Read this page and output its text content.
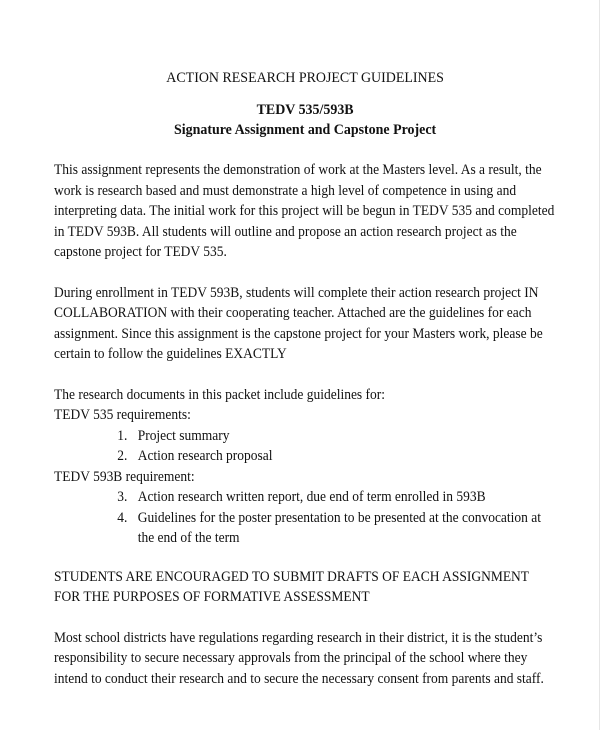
ACTION RESEARCH PROJECT GUIDELINES

TEDV 535/593B

Signature Assignment and Capstone Project

This assignment represents the demonstration of work at the Masters level. As a result, the work is research based and must demonstrate a high level of competence in using and interpreting data. The initial work for this project will be begun in TEDV 535 and completed in TEDV 593B. All students will outline and propose an action research project as the capstone project for TEDV 535.

During enrollment in TEDV 593B, students will complete their action research project IN COLLABORATION with their cooperating teacher. Attached are the guidelines for each assignment. Since this assignment is the capstone project for your Masters work, please be certain to follow the guidelines EXACTLY

The research documents in this packet include guidelines for:

TEDV 535 requirements:

1. Project summary
2. Action research proposal

TEDV 593B requirement:

3. Action research written report, due end of term enrolled in 593B
4. Guidelines for the poster presentation to be presented at the convocation at the end of the term

STUDENTS ARE ENCOURAGED TO SUBMIT DRAFTS OF EACH ASSIGNMENT FOR THE PURPOSES OF FORMATIVE ASSESSMENT

Most school districts have regulations regarding research in their district, it is the student’s responsibility to secure necessary approvals from the principal of the school where they intend to conduct their research and to secure the necessary consent from parents and staff.
